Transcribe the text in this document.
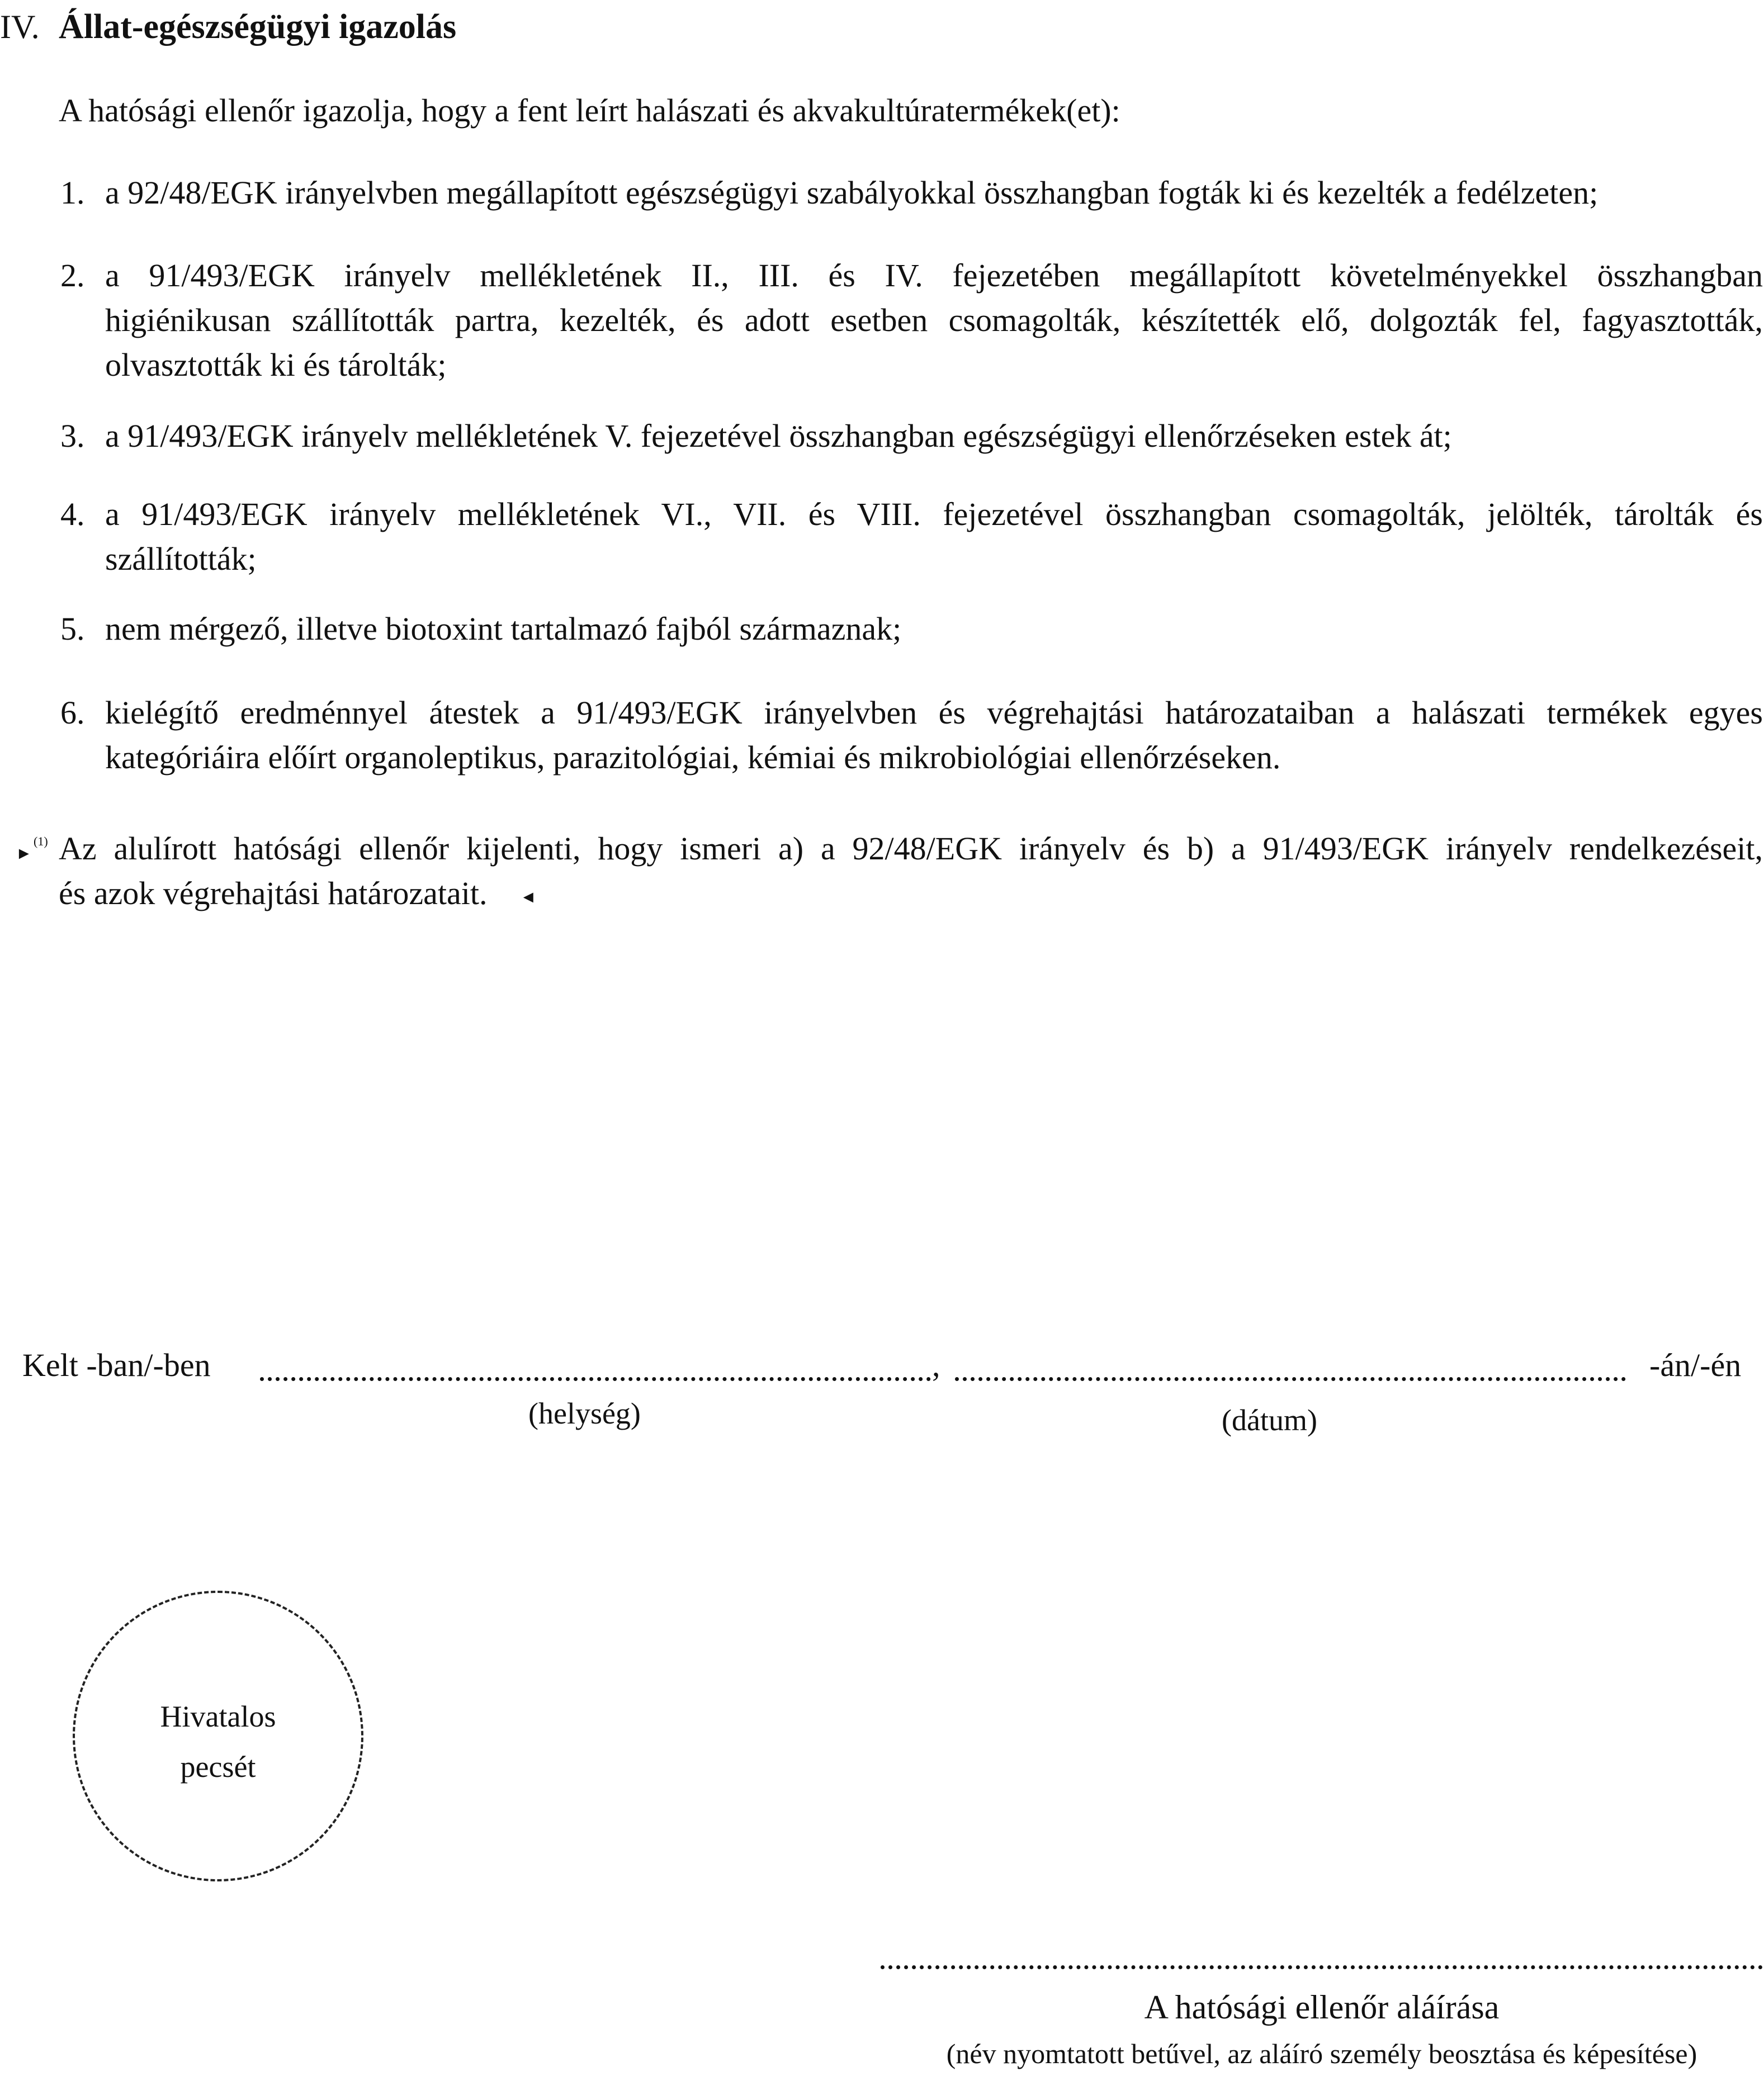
IV. Állat-egészségügyi igazolás
A hatósági ellenőr igazolja, hogy a fent leírt halászati és akvakultúratermékek(et):
1. a 92/48/EGK irányelvben megállapított egészségügyi szabályokkal összhangban fogták ki és kezelték a fedélzeten;
2. a 91/493/EGK irányelv mellékletének II., III. és IV. fejezetében megállapított követelményekkel összhangban
higiénikusan szállították partra, kezelték, és adott esetben csomagolták, készítették elő, dolgozták fel, fagyasztották,
olvasztották ki és tárolták;
3. a 91/493/EGK irányelv mellékletének V. fejezetével összhangban egészségügyi ellenőrzéseken estek át;
4. a 91/493/EGK irányelv mellékletének VI., VII. és VIII. fejezetével összhangban csomagolták, jelölték, tárolták és
szállították;
5. nem mérgező, illetve biotoxint tartalmazó fajból származnak;
6. kielégítő eredménnyel átestek a 91/493/EGK irányelvben és végrehajtási határozataiban a halászati termékek egyes
kategóriáira előírt organoleptikus, parazitológiai, kémiai és mikrobiológiai ellenőrzéseken.
►
(1) Az alulírott hatósági ellenőr kijelenti, hogy ismeri a) a 92/48/EGK irányelv és b) a 91/493/EGK irányelv rendelkezéseit,
és azok végrehajtási határozatait. ◄
Kelt -ban/-ben	,	-án/-én
(helység)	(dátum)
Hivatalos
pecsét
A hatósági ellenőr aláírása
(név nyomtatott betűvel, az aláíró személy beosztása és képesítése)
